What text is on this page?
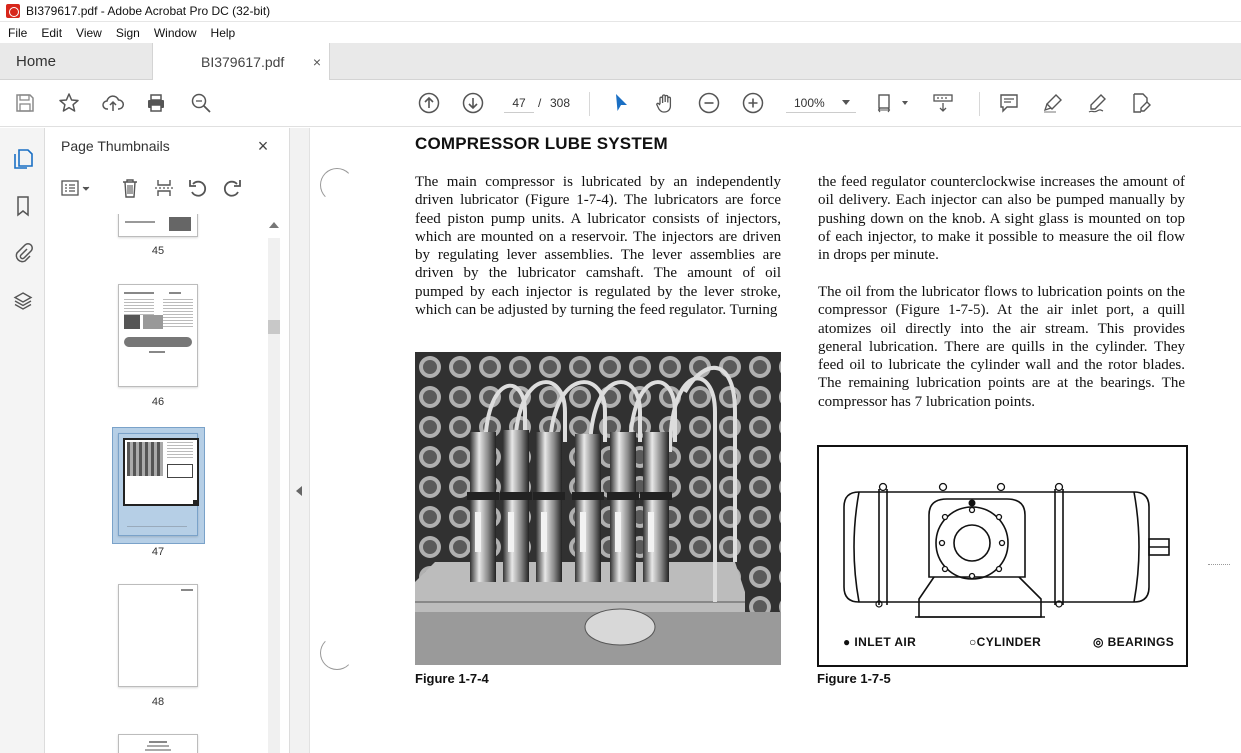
BI379617.pdf - Adobe Acrobat Pro DC (32-bit)
File	Edit	View	Sign	Window	Help
Home	BI379617.pdf ×
47
/ 308	100%
Page Thumbnails	×
45
46
47
48
COMPRESSOR LUBE SYSTEM
The main compressor is lubricated by an independently driven lubricator (Figure 1-7-4). The lubricators are force feed piston pump units. A lubricator consists of injectors, which are mounted on a reservoir. The injectors are driven by regulating lever assemblies. The lever assemblies are driven by the lubricator camshaft. The amount of oil pumped by each injector is regulated by the lever stroke, which can be adjusted by turning the feed regulator. Turning
the feed regulator counterclockwise increases the amount of oil delivery. Each injector can also be pumped manually by pushing down on the knob. A sight glass is mounted on top of each injector, to make it possible to measure the oil flow in drops per minute.
The oil from the lubricator flows to lubrication points on the compressor (Figure 1-7-5). At the air inlet port, a quill atomizes oil directly into the air stream. This provides general lubrication. There are quills in the cylinder. They feed oil to lubricate the cylinder wall and the rotor blades. The remaining lubrication points are at the bearings. The compressor has 7 lubrication points.
Figure 1-7-4
● INLET AIR	○CYLINDER	◎ BEARINGS
Figure 1-7-5
